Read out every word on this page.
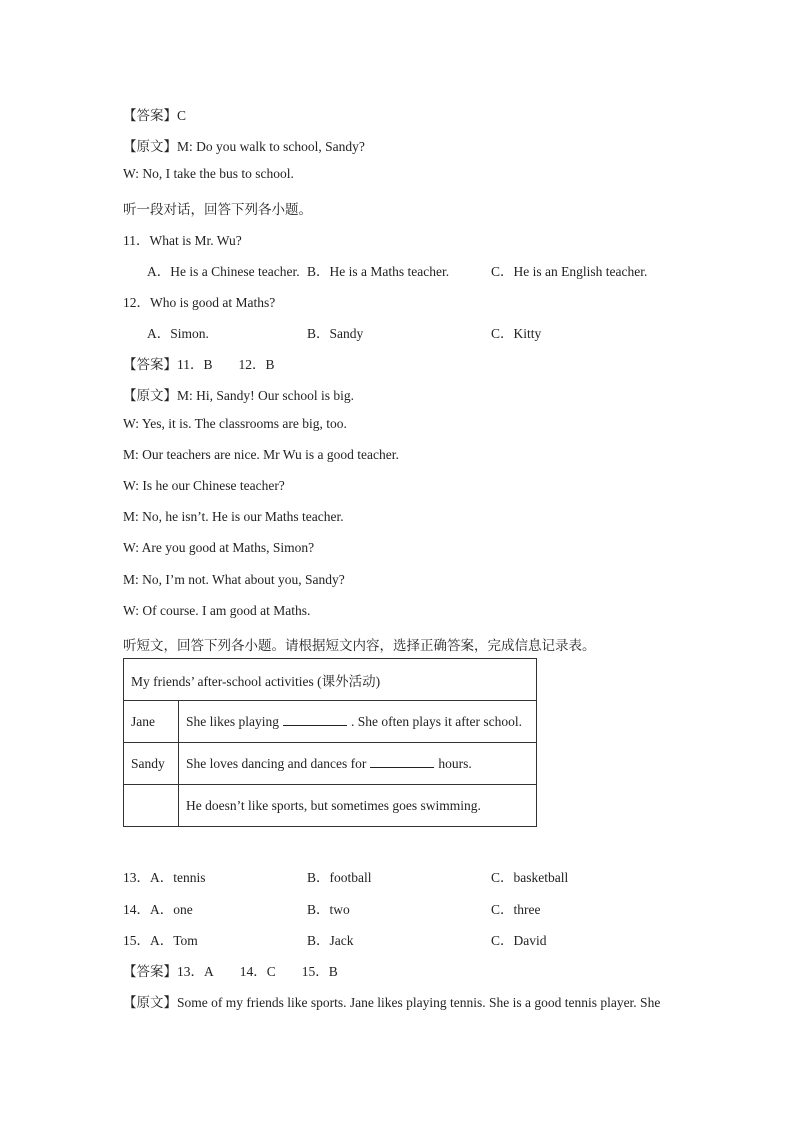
【答案】C
【原文】M: Do you walk to school, Sandy?
W: No, I take the bus to school.
听一段对话，回答下列各小题。
11．What is Mr. Wu?
A．He is a Chinese teacher. B．He is a Maths teacher.	C．He is an English teacher.
12．Who is good at Maths?
A．Simon.	B．Sandy	C．Kitty
【答案】11．B 12．B
【原文】M: Hi, Sandy! Our school is big.
W: Yes, it is. The classrooms are big, too.
M: Our teachers are nice. Mr Wu is a good teacher.
W: Is he our Chinese teacher?
M: No, he isn’t. He is our Maths teacher.
W: Are you good at Maths, Simon?
M: No, I’m not. What about you, Sandy?
W: Of course. I am good at Maths.
听短文，回答下列各小题。请根据短文内容，选择正确答案，完成信息记录表。
My friends’ after-school activities (课外活动)	
Jane	She likes playing . She often plays it after school.
Sandy	She loves dancing and dances for hours.
	He doesn’t like sports, but sometimes goes swimming.
13． A．tennis	B．football	C．basketball
14． A．one	B．two	C．three
15． A．Tom	B．Jack	C．David
【答案】13．A 14．C 15．B
【原文】Some of my friends like sports. Jane likes playing tennis. She is a good tennis player. She
